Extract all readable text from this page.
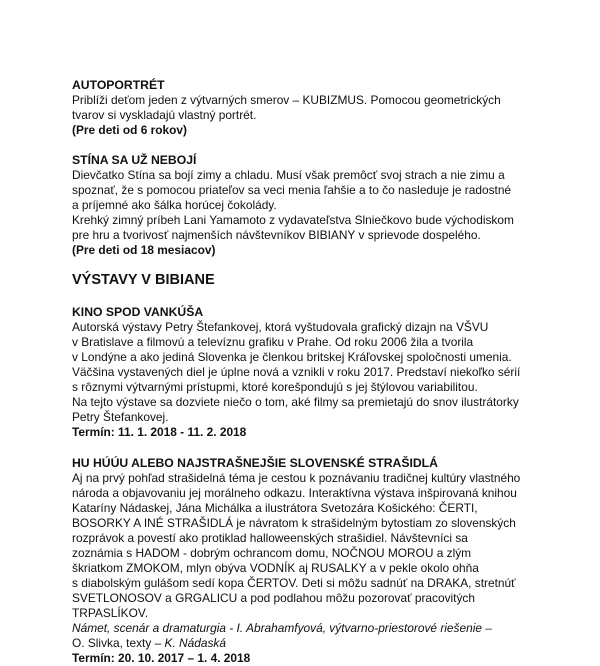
AUTOPORTRÉT

Priblíži deťom jeden z výtvarných smerov – KUBIZMUS. Pomocou geometrických

tvarov si vyskladajú vlastný portrét.

(Pre deti od 6 rokov)

STÍNA SA UŽ NEBOJÍ

Dievčatko Stína sa bojí zimy a chladu. Musí však premôcť svoj strach a nie zimu a

spoznať, že s pomocou priateľov sa veci menia ľahšie a to čo nasleduje je radostné

a príjemné ako šálka horúcej čokolády.

Krehký zimný príbeh Lani Yamamoto z vydavateľstva Slniečkovo bude východiskom

pre hru a tvorivosť najmenších návštevníkov BIBIANY v sprievode dospelého.

(Pre deti od 18 mesiacov)

VÝSTAVY V BIBIANE

KINO SPOD VANKÚŠA

Autorská výstavy Petry Štefankovej, ktorá vyštudovala grafický dizajn na VŠVU

v Bratislave a filmovú a televíznu grafiku v Prahe. Od roku 2006 žila a tvorila

v Londýne a ako jediná Slovenka je členkou britskej Kráľovskej spoločnosti umenia.

Väčšina vystavených diel je úplne nová a vznikli v roku 2017. Predstaví niekoľko sérií

s rôznymi výtvarnými prístupmi, ktoré korešpondujú s jej štýlovou variabilitou.

Na tejto výstave sa dozviete niečo o tom, aké filmy sa premietajú do snov ilustrátorky

Petry Štefankovej.

Termín: 11. 1. 2018 - 11. 2. 2018

HU HÚÚU ALEBO NAJSTRAŠNEJŠIE SLOVENSKÉ STRAŠIDLÁ

Aj na prvý pohľad strašidelná téma je cestou k poznávaniu tradičnej kultúry vlastného

národa a objavovaniu jej morálneho odkazu. Interaktívna výstava inšpirovaná knihou

Kataríny Nádaskej, Jána Michálka a ilustrátora Svetozára Košického: ČERTI,

BOSORKY A INÉ STRAŠIDLÁ je návratom k strašidelným bytostiam zo slovenských

rozprávok a povestí ako protiklad halloweenských strašidiel. Návštevníci sa

zoznámia s HADOM - dobrým ochrancom domu, NOČNOU MOROU a zlým

škriatkom ZMOKOM, mlyn obýva VODNÍK aj RUSALKY a v pekle okolo ohňa

s diabolským gulášom sedí kopa ČERTOV. Deti si môžu sadnúť na DRAKA, stretnúť

SVETLONOSOV a GRGALICU a pod podlahou môžu pozorovať pracovitých

TRPASLÍKOV.

Námet, scenár a dramaturgia - I. Abrahamfyová, výtvarno-priestorové riešenie –

O. Slivka, texty – K. Nádaská

Termín: 20. 10. 2017 – 1. 4. 2018
